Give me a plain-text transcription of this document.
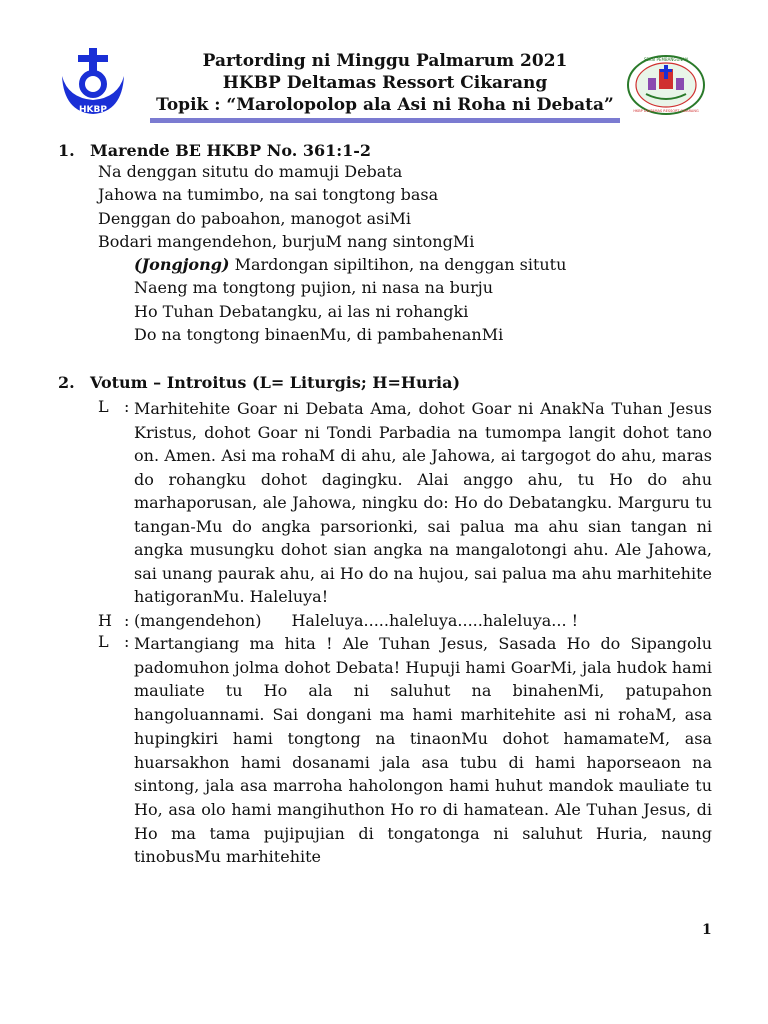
HKBP
Partording ni Minggu Palmarum 2021
HKBP Deltamas Ressort Cikarang
Topik : “Marolopolop ala Asi ni Roha ni Debata”
SEKSI PEMBANGUNAN
HKBP DELTAMAS RESSORT CIKARANG
1. Marende BE HKBP No. 361:1-2
Na denggan situtu do mamuji Debata
Jahowa na tumimbo, na sai tongtong basa
Denggan do paboahon, manogot asiMi
Bodari mangendehon, burjuM nang sintongMi
(Jongjong) Mardongan sipiltihon, na denggan situtu
Naeng ma tongtong pujion, ni nasa na burju
Ho Tuhan Debatangku, ai las ni rohangki
Do na tongtong binaenMu, di pambahenanMi
2. Votum – Introitus (L= Liturgis; H=Huria)
L : Marhitehite Goar ni Debata Ama, dohot Goar ni AnakNa Tuhan Jesus Kristus, dohot Goar ni Tondi Parbadia na tumompa langit dohot tano on. Amen. Asi ma rohaM di ahu, ale Jahowa, ai targogot do ahu, maras do rohangku dohot dagingku. Alai anggo ahu, tu Ho do ahu marhaporusan, ale Jahowa, ningku do: Ho do Debatangku. Marguru tu tangan-Mu do angka parsorionki, sai palua ma ahu sian tangan ni angka musungku dohot sian angka na mangalotongi ahu. Ale Jahowa, sai unang paurak ahu, ai Ho do na hujou, sai palua ma ahu marhitehite hatigoranMu. Haleluya!
H : (mangendehon) Haleluya.....haleluya.....haleluya... !
L : Martangiang ma hita ! Ale Tuhan Jesus, Sasada Ho do Sipangolu padomuhon jolma dohot Debata! Hupuji hami GoarMi, jala hudok hami mauliate tu Ho ala ni saluhut na binahenMi, patupahon hangoluannami. Sai dongani ma hami marhitehite asi ni rohaM, asa hupingkiri hami tongtong na tinaonMu dohot hamamateM, asa huarsakhon hami dosanami jala asa tubu di hami haporseaon na sintong, jala asa marroha haholongon hami huhut mandok mauliate tu Ho, asa olo hami mangihuthon Ho ro di hamatean. Ale Tuhan Jesus, di Ho ma tama pujipujian di tongatonga ni saluhut Huria, naung tinobusMu marhitehite
1
